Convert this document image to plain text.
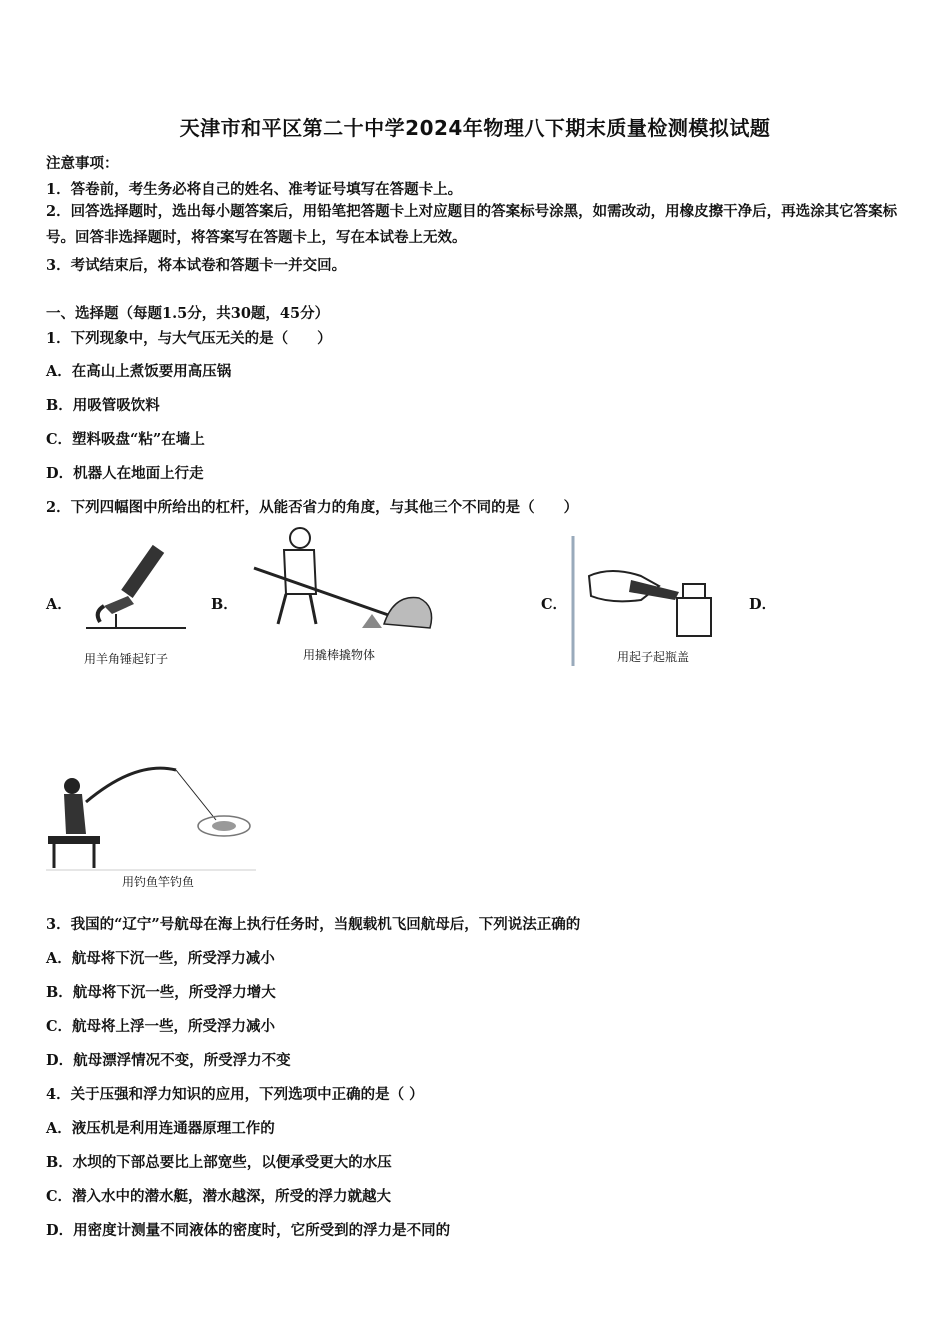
天津市和平区第二十中学2024年物理八下期末质量检测模拟试题
注意事项：
1．答卷前，考生务必将自己的姓名、准考证号填写在答题卡上。
2．回答选择题时，选出每小题答案后，用铅笔把答题卡上对应题目的答案标号涂黑，如需改动，用橡皮擦干净后，再选涂其它答案标号。回答非选择题时，将答案写在答题卡上，写在本试卷上无效。
3．考试结束后，将本试卷和答题卡一并交回。
一、选择题（每题1.5分，共30题，45分）
1．下列现象中，与大气压无关的是（　　）
A．在高山上煮饭要用高压锅
B．用吸管吸饮料
C．塑料吸盘“粘”在墙上
D．机器人在地面上行走
2．下列四幅图中所给出的杠杆，从能否省力的角度，与其他三个不同的是（　　）
A．	B．	C．	D．
用羊角锤起钉子	用撬棒撬物体	用起子起瓶盖
用钓鱼竿钓鱼
3．我国的“辽宁”号航母在海上执行任务时，当舰载机飞回航母后，下列说法正确的
A．航母将下沉一些，所受浮力减小
B．航母将下沉一些，所受浮力增大
C．航母将上浮一些，所受浮力减小
D．航母漂浮情况不变，所受浮力不变
4．关于压强和浮力知识的应用，下列选项中正确的是（ ）
A．液压机是利用连通器原理工作的
B．水坝的下部总要比上部宽些，以便承受更大的水压
C．潜入水中的潜水艇，潜水越深，所受的浮力就越大
D．用密度计测量不同液体的密度时，它所受到的浮力是不同的
